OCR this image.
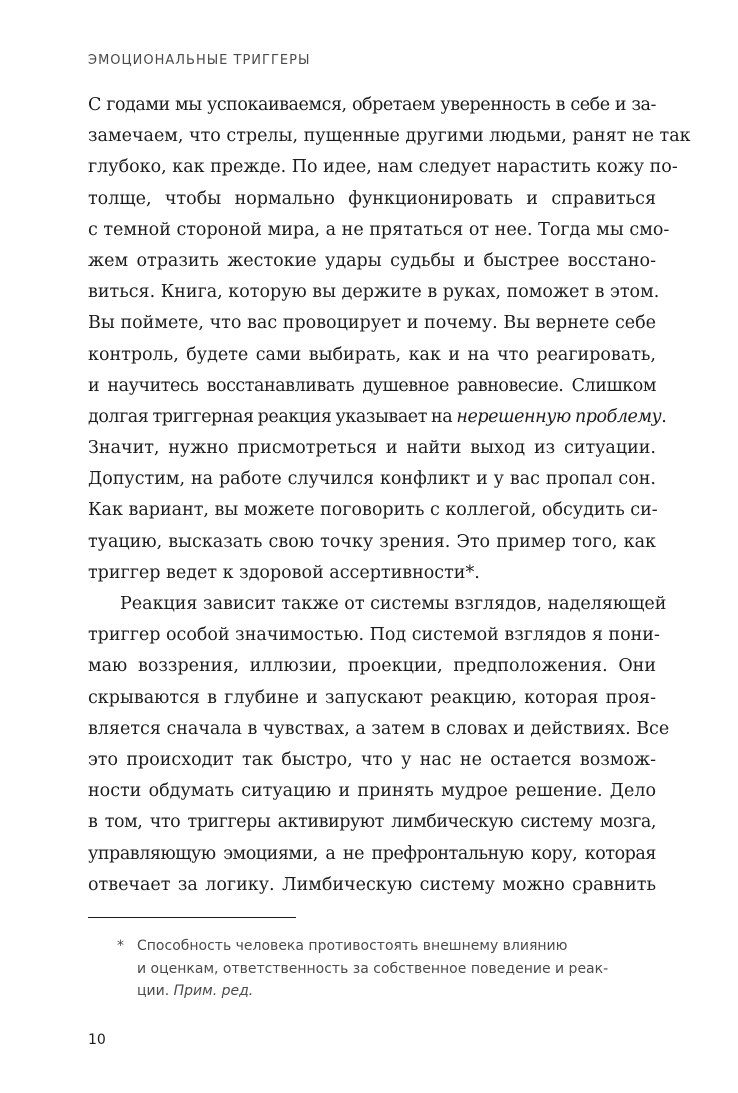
ЭМОЦИОНАЛЬНЫЕ ТРИГГЕРЫ
С годами мы успокаиваемся, обретаем уверенность в себе и за-
замечаем, что стрелы, пущенные другими людьми, ранят не так
глубоко, как прежде. По идее, нам следует нарастить кожу по-
толще, чтобы нормально функционировать и справиться
с темной стороной мира, а не прятаться от нее. Тогда мы смо-
жем отразить жестокие удары судьбы и быстрее восстано-
виться. Книга, которую вы держите в руках, поможет в этом.
Вы поймете, что вас провоцирует и почему. Вы вернете себе
контроль, будете сами выбирать, как и на что реагировать,
и научитесь восстанавливать душевное равновесие. Слишком
долгая триггерная реакция указывает на нерешенную проблему.
Значит, нужно присмотреться и найти выход из ситуации.
Допустим, на работе случился конфликт и у вас пропал сон.
Как вариант, вы можете поговорить с коллегой, обсудить си-
туацию, высказать свою точку зрения. Это пример того, как
триггер ведет к здоровой ассертивности*.
Реакция зависит также от системы взглядов, наделяющей
триггер особой значимостью. Под системой взглядов я пони-
маю воззрения, иллюзии, проекции, предположения. Они
скрываются в глубине и запускают реакцию, которая проя-
вляется сначала в чувствах, а затем в словах и действиях. Все
это происходит так быстро, что у нас не остается возмож-
ности обдумать ситуацию и принять мудрое решение. Дело
в том, что триггеры активируют лимбическую систему мозга,
управляющую эмоциями, а не префронтальную кору, которая
отвечает за логику. Лимбическую систему можно сравнить
* Способность человека противостоять внешнему влиянию
и оценкам, ответственность за собственное поведение и реак-
ции. Прим. ред.
10
